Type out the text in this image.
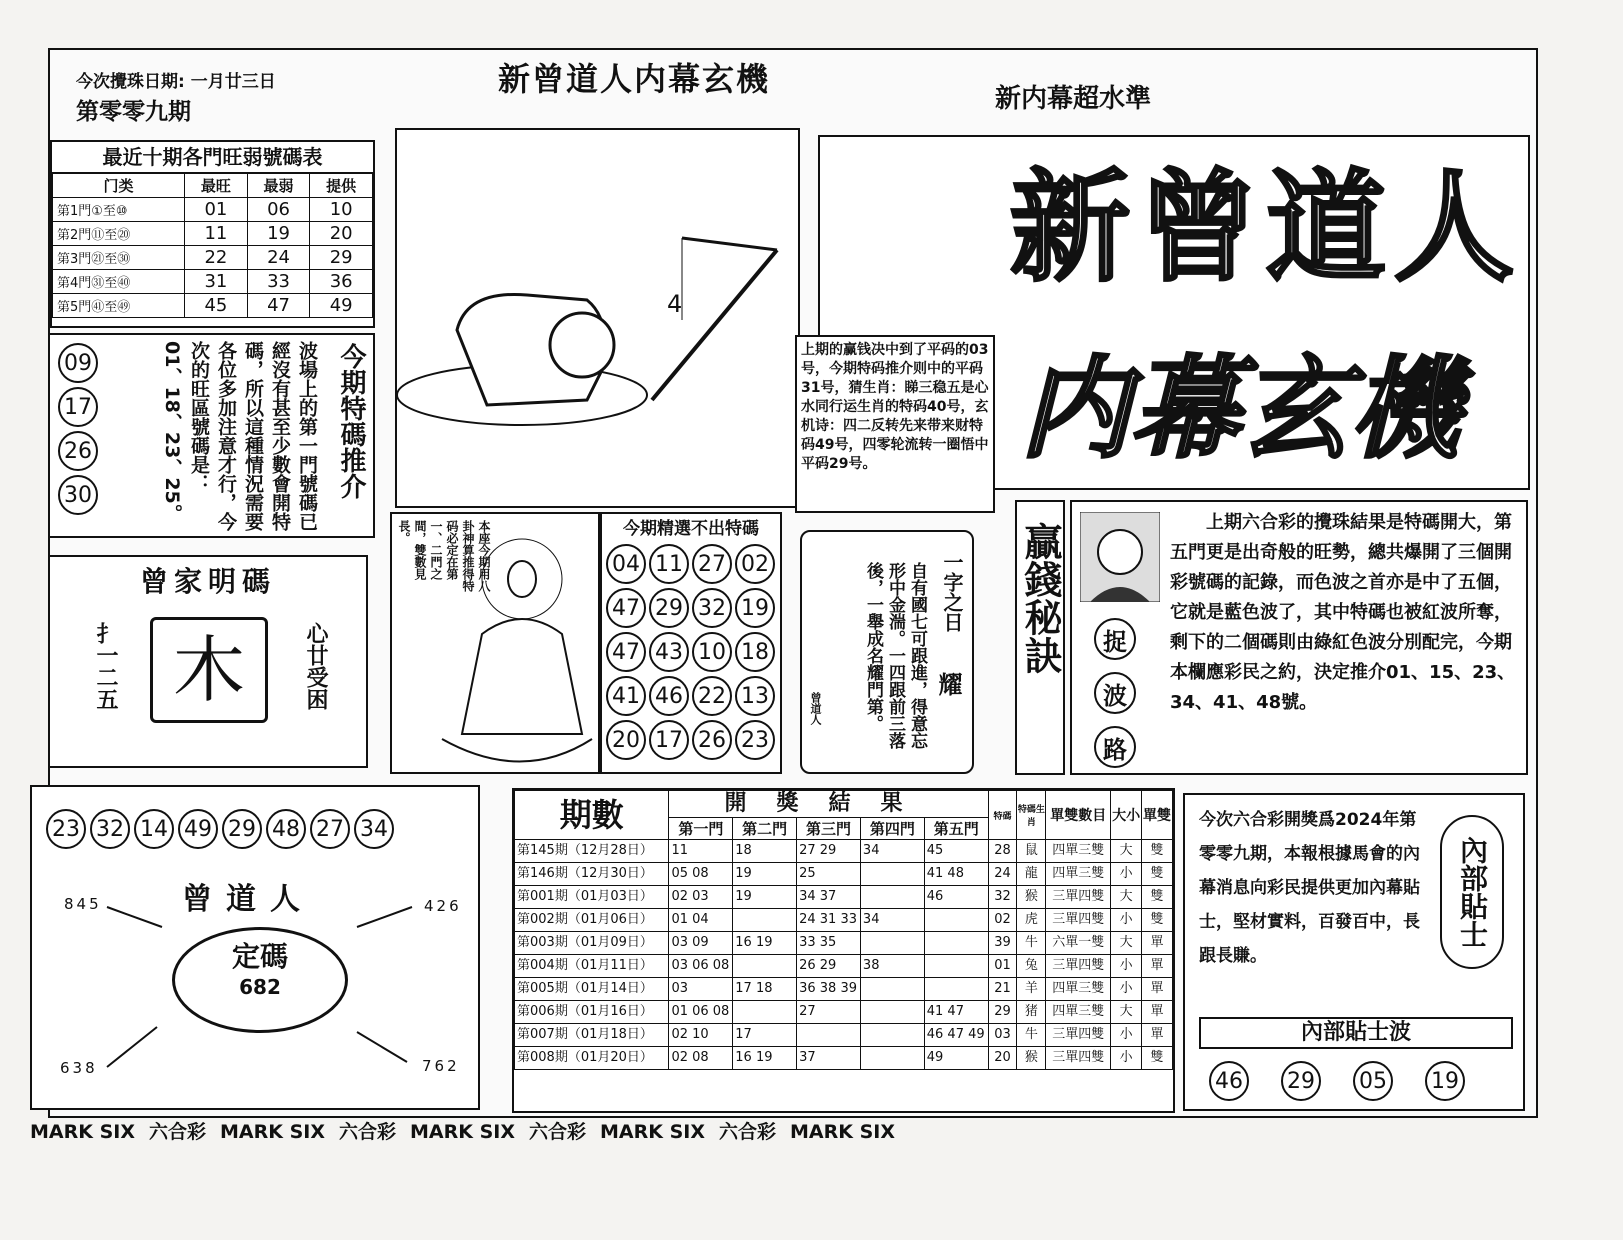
今次攪珠日期: 一月廿三日
第零零九期
新曾道人内幕玄機
新内幕超水準
最近十期各門旺弱號碼表
门类	最旺	最弱	提供
第1門①至⑩	01	06	10
第2門⑪至⑳	11	19	20
第3門㉑至㉚	22	24	29
第4門㉛至㊵	31	33	36
第5門㊶至㊾	45	47	49
09172630	波場上的第一門號碼已經沒有甚至少數會開特碼，所以這種情況需要各位多加注意才行，今次的旺區號碼是：01、18、23、25。	今期特碼推介
曾家明碼
扌一二五 木	心廿受困
4
新曾道人
内幕玄機
上期的赢钱决中到了平码的03号，今期特码推介则中的平码31号，猜生肖：睇三稳五是心水同行运生肖的特码40号，玄机诗：四二反转先来带来财特码49号，四零轮流转一圈悟中平码29号。
本座今期用八卦神算推得特码必定在第一、二門之間，雙數見長。	今期精選不出特碼
04 11 27 02
47 29 32 19
47 43 10 18
41 46 22 13
20 17 26 23
一字之日
耀
自有國七可跟進，得意忘形中金湍。一四跟前三落後，一舉成名耀門第。
曾道人
贏錢秘訣	捉波路
上期六合彩的攪珠結果是特碼開大，第五門更是出奇般的旺勢，總共爆開了三個開彩號碼的記錄，而色波之首亦是中了五個，它就是藍色波了，其中特碼也被紅波所奪，剩下的二個碼則由綠紅色波分別配完，今期本欄應彩民之約，決定推介01、15、23、34、41、48號。
23 32 14 49 29 48 27 34
曾道人
定碼
682
845	426
638	762
期數	開獎結果					特碼	特碼生肖	單雙數目	大小	單雙
	第一門	第二門	第三門	第四門	第五門					
第145期（12月28日）	11	18	27 29	34	45	28	鼠	四單三雙	大	雙
第146期（12月30日）	05 08	19	25		41 48	24	龍	四單三雙	小	雙
第001期（01月03日）	02 03	19	34 37		46	32	猴	三單四雙	大	雙
第002期（01月06日）	01 04		24 31 33	34		02	虎	三單四雙	小	雙
第003期（01月09日）	03 09	16 19	33 35			39	牛	六單一雙	大	單
第004期（01月11日）	03 06 08		26 29	38		01	兔	三單四雙	小	單
第005期（01月14日）	03	17 18	36 38 39			21	羊	四單三雙	小	單
第006期（01月16日）	01 06 08		27		41 47	29	猪	四單三雙	大	單
第007期（01月18日）	02 10	17			46 47 49	03	牛	三單四雙	小	單
第008期（01月20日）	02 08	16 19	37		49	20	猴	三單四雙	小	雙
今次六合彩開獎爲2024年第零零九期，本報根據馬會的內幕消息向彩民提供更加內幕貼士，堅材實料，百發百中，長跟長賺。
內部貼士
內部貼士波
46 29 05 19
MARK SIX 六合彩 MARK SIX 六合彩 MARK SIX 六合彩 MARK SIX 六合彩 MARK SIX
